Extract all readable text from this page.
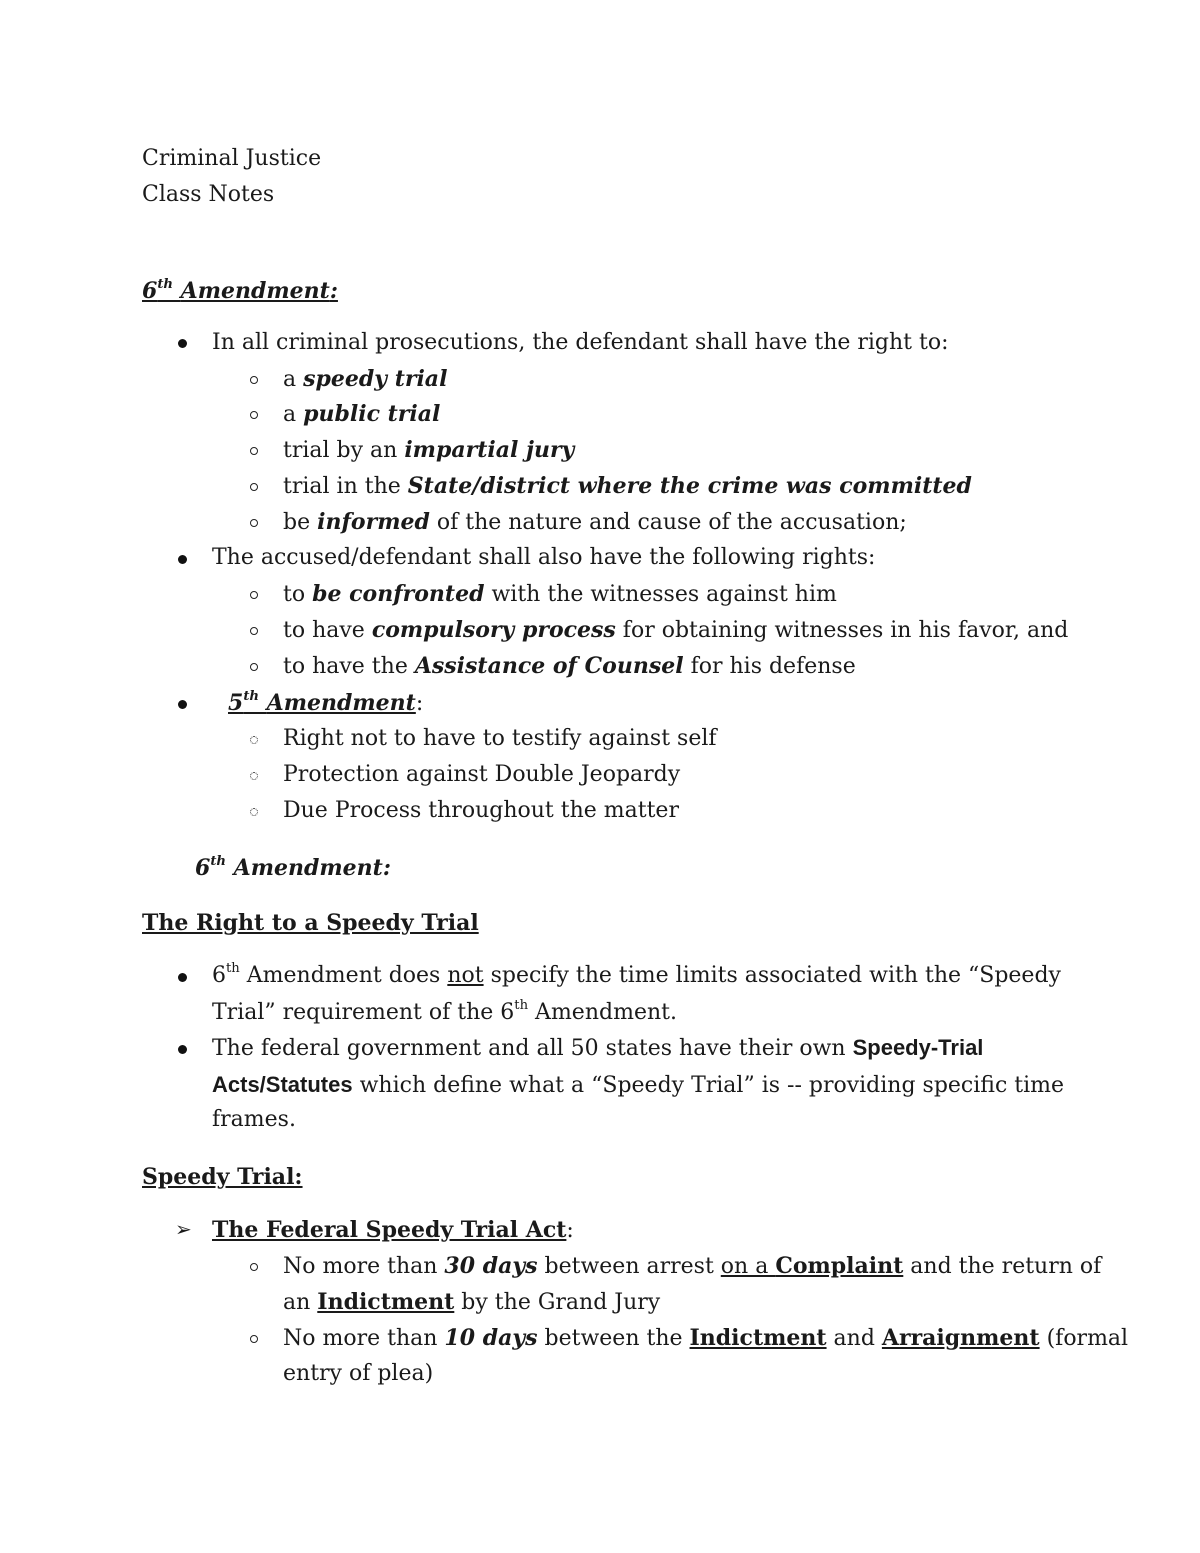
Criminal Justice
Class Notes
6th Amendment:
In all criminal prosecutions, the defendant shall have the right to:
a speedy trial
a public trial
trial by an impartial jury
trial in the State/district where the crime was committed
be informed of the nature and cause of the accusation;
The accused/defendant shall also have the following rights:
to be confronted with the witnesses against him
to have compulsory process for obtaining witnesses in his favor, and
to have the Assistance of Counsel for his defense
5th Amendment:
Right not to have to testify against self
Protection against Double Jeopardy
Due Process throughout the matter
6th Amendment:
The Right to a Speedy Trial
6th Amendment does not specify the time limits associated with the “Speedy
Trial” requirement of the 6th Amendment.
The federal government and all 50 states have their own Speedy-Trial
Acts/Statutes which define what a “Speedy Trial” is -- providing specific time
frames.
Speedy Trial:
➢ The Federal Speedy Trial Act:
No more than 30 days between arrest on a Complaint and the return of
an Indictment by the Grand Jury
No more than 10 days between the Indictment and Arraignment (formal
entry of plea)
